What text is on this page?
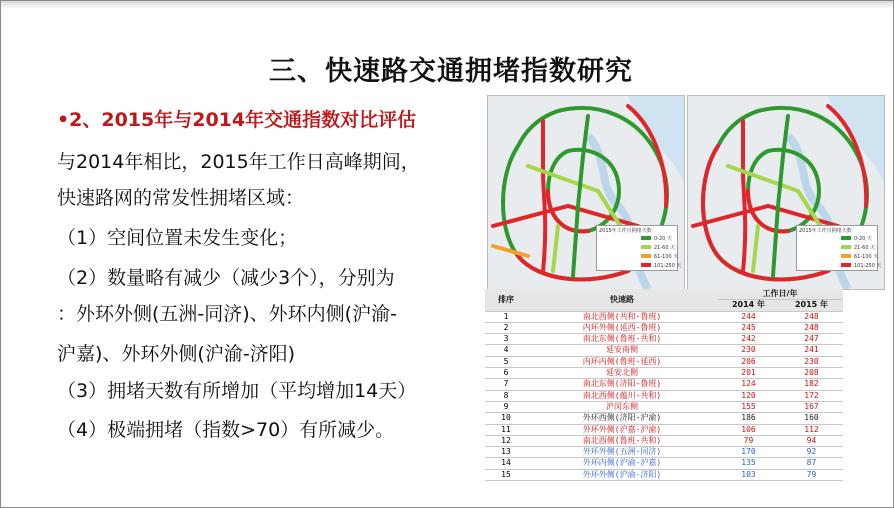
三、快速路交通拥堵指数研究
•2、2015年与2014年交通指数对比评估
与2014年相比，2015年工作日高峰期间，
快速路网的常发性拥堵区域：
（1）空间位置未发生变化；
（2）数量略有减少（减少3个），分别为
：外环外侧(五洲-同济)、外环内侧(沪渝-
沪嘉)、外环外侧(沪渝-济阳)
（3）拥堵天数有所增加（平均增加14天）
（4）极端拥堵（指数>70）有所减少。
2015年工作日拥堵天数
0-20 天
21-60 天
61-100 天
101-250 天
2015年工作日拥堵天数
0-20 天
21-60 天
61-100 天
101-250 天
排序	快速路	工作日/年	
		2014 年	2015 年
1	南北西侧(共和-鲁班)	244	248
2	内环外侧(延西-鲁班)	245	248
3	南北东侧(鲁班-共和)	242	247
4	延安南侧	230	241
5	内环内侧(鲁班-延西)	206	230
6	延安北侧	201	208
7	南北东侧(济阳-鲁班)	124	182
8	南北西侧(蕴川-共和)	120	172
9	沪闵东侧	155	167
10	外环西侧(济阳-沪渝)	186	160
11	外环外侧(沪嘉-沪渝)	106	112
12	南北西侧(鲁班-共和)	79	94
13	外环外侧(五洲-同济)	170	92
14	外环内侧(沪渝-沪嘉)	135	87
15	外环外侧(沪渝-济阳)	103	79
